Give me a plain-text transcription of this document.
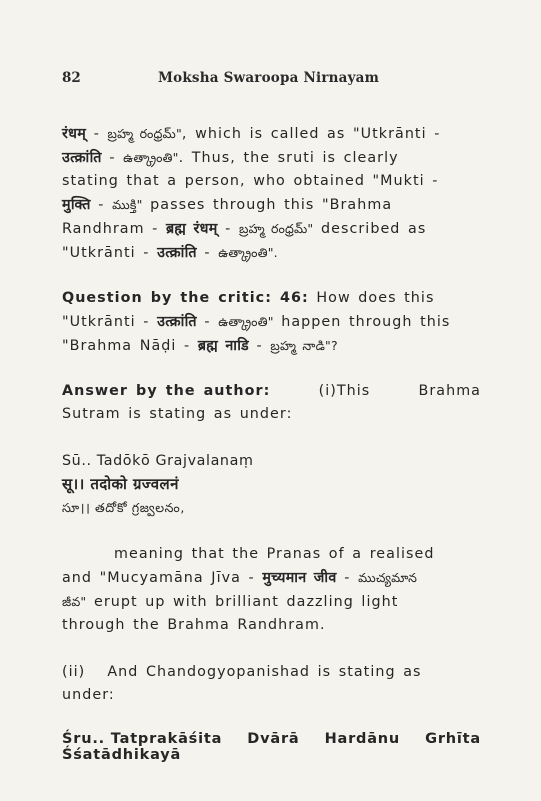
82	Moksha Swaroopa Nirnayam
रंधम् - బ్రహ్మ రంధ్రమ్", which is called as "Utkrānti -
उत्क्रांति - ఉత్క్రాంతి". Thus, the sruti is clearly
stating that a person, who obtained "Mukti -
मुक्ति - ముక్తి" passes through this "Brahma
Randhram - ब्रह्म रंधम् - బ్రహ్మ రంధ్రమ్" described as
"Utkrānti - उत्क्रांति - ఉత్క్రాంతి".
Question by the critic: 46: How does this
"Utkrānti - उत्क्रांति - ఉత్క్రాంతి" happen through this
"Brahma Nāḍi - ब्रह्म नाडि - బ్రహ్మ నాడి"?
Answer by the author:	(i)This	Brahma
Sutram is stating as under:
Sū.. Tadōkō Grajvalanaṃ
सू।। तदोको ग्रज्वलनं
సూ।। తదోకో గ్రజ్వలనం,
meaning that the Pranas of a realised
and "Mucyamāna Jīva - मुच्यमान जीव - ముచ్యమాన
జీవ" erupt up with brilliant dazzling light
through the Brahma Randhram.
(ii) And Chandogyopanishad is stating as
under:
Śru.. Tatprakāśita Dvārā Hardānu Grhīta
Śśatādhikayā
